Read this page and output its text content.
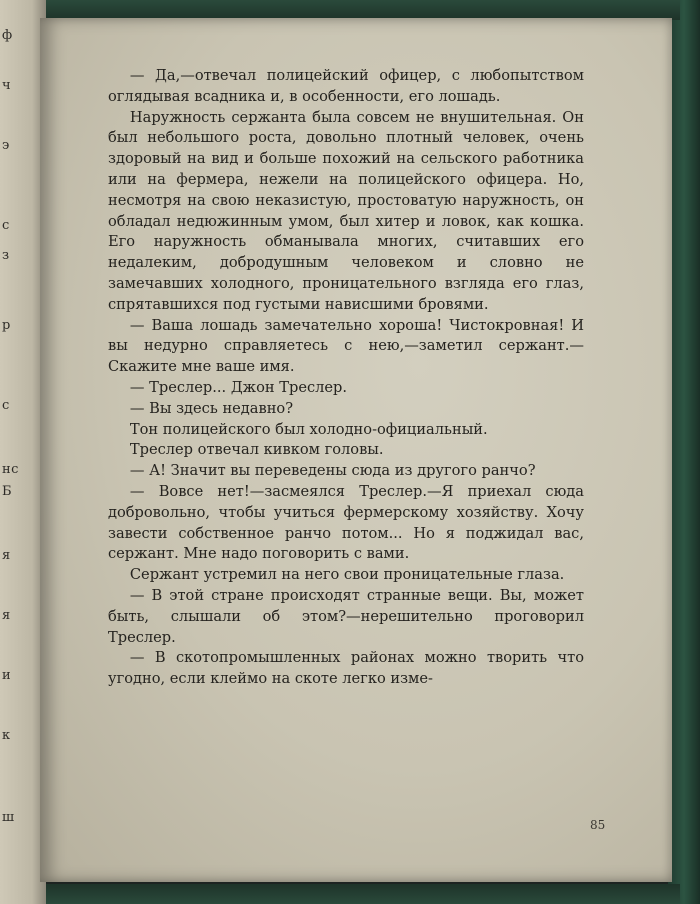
ф
ч
э
с
з
р
с
нс
Б
я
я
и
к
ш

— Да,—отвечал полицейский офицер, с любопытством оглядывая всадника и, в особенности, его лошадь.

Наружность сержанта была совсем не внушительная. Он был небольшого роста, довольно плотный человек, очень здоровый на вид и больше похожий на сельского работника или на фермера, нежели на полицейского офицера. Но, несмотря на свою неказистую, простоватую наружность, он обладал недюжинным умом, был хитер и ловок, как кошка. Его наружность обманывала многих, считавших его недалеким, добродушным человеком и словно не замечавших холодного, проницательного взгляда его глаз, спрятавшихся под густыми нависшими бровями.

— Ваша лошадь замечательно хороша! Чистокровная! И вы недурно справляетесь с нею,—заметил сержант.—Скажите мне ваше имя.

— Треслер... Джон Треслер.

— Вы здесь недавно?

Тон полицейского был холодно-официальный.

Треслер отвечал кивком головы.

— А! Значит вы переведены сюда из другого ранчо?

— Вовсе нет!—засмеялся Треслер.—Я приехал сюда добровольно, чтобы учиться фермерскому хозяйству. Хочу завести собственное ранчо потом... Но я поджидал вас, сержант. Мне надо поговорить с вами.

Сержант устремил на него свои проницательные глаза.

— В этой стране происходят странные вещи. Вы, может быть, слышали об этом?—нерешительно проговорил Треслер.

— В скотопромышленных районах можно творить что угодно, если клеймо на скоте легко изме-

85
